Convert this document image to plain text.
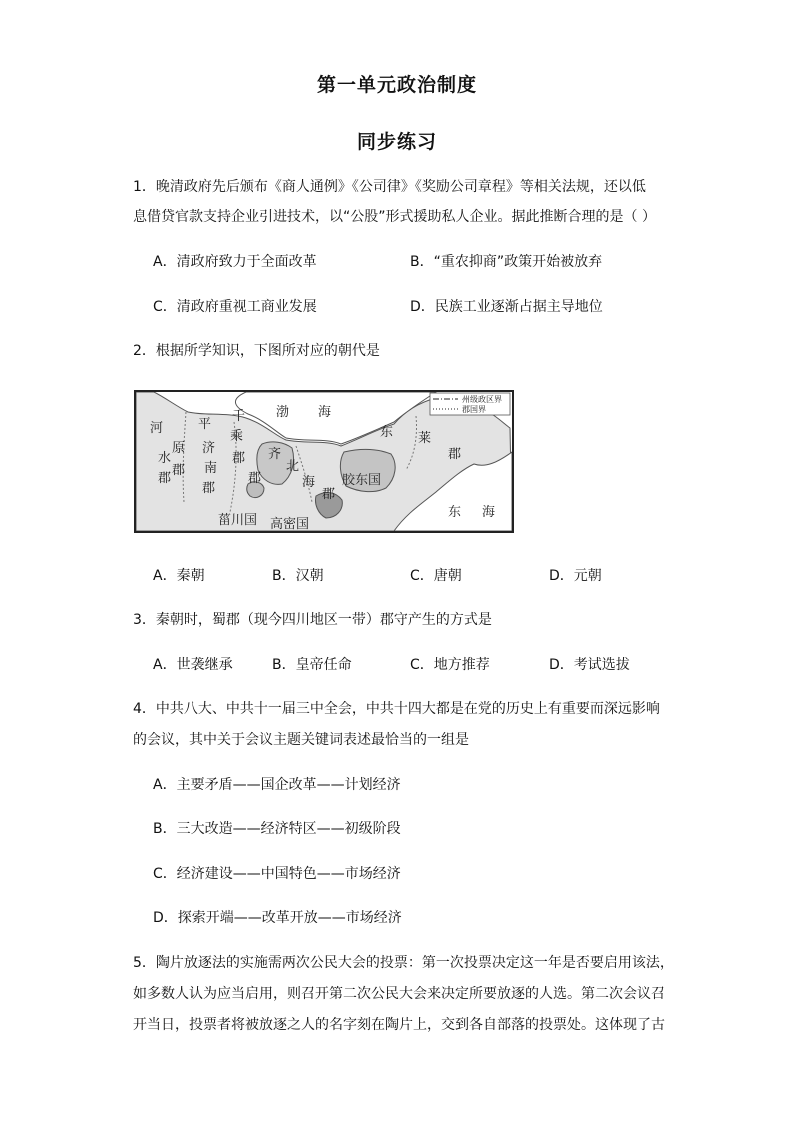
第一单元政治制度
同步练习
1．晚清政府先后颁布《商人通例》《公司律》《奖励公司章程》等相关法规，还以低
息借贷官款支持企业引进技术，以“公股”形式援助私人企业。据此推断合理的是（ ）
A．清政府致力于全面改革	B．“重农抑商”政策开始被放弃
C．清政府重视工商业发展	D．民族工业逐渐占据主导地位
2．根据所学知识，下图所对应的朝代是
州级政区界
郡国界
河
水
郡
平
原
郡
千
乘
郡
济
南
郡
齐
郡
北
海
郡
渤 海
东 莱
郡
胶东国
东 海
菑川国 高密国
A．秦朝	B．汉朝	C．唐朝	D．元朝
3．秦朝时，蜀郡（现今四川地区一带）郡守产生的方式是
A．世袭继承	B．皇帝任命	C．地方推荐	D．考试选拔
4．中共八大、中共十一届三中全会，中共十四大都是在党的历史上有重要而深远影响
的会议，其中关于会议主题关键词表述最恰当的一组是
A．主要矛盾——国企改革——计划经济
B．三大改造——经济特区——初级阶段
C．经济建设——中国特色——市场经济
D．探索开端——改革开放——市场经济
5．陶片放逐法的实施需两次公民大会的投票：第一次投票决定这一年是否要启用该法，
如多数人认为应当启用，则召开第二次公民大会来决定所要放逐的人选。第二次会议召
开当日，投票者将被放逐之人的名字刻在陶片上，交到各自部落的投票处。这体现了古
